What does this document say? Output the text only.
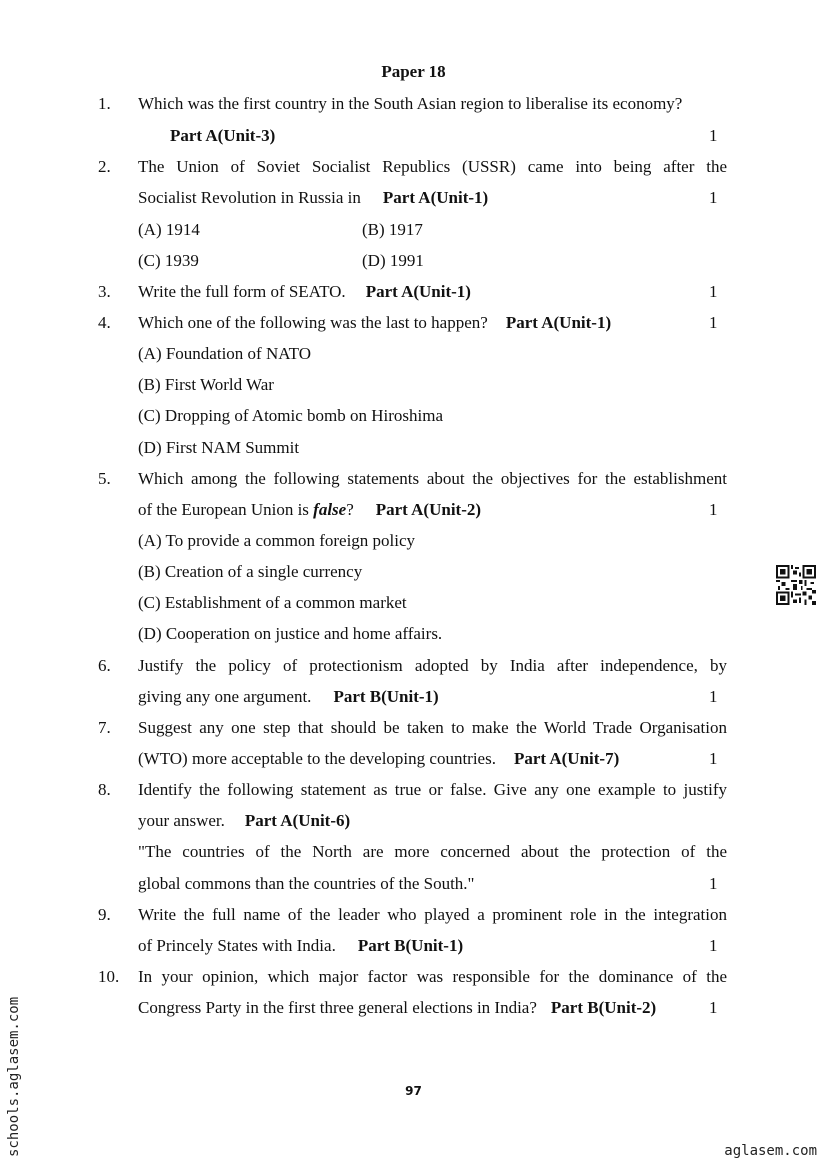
Paper 18
1. Which was the first country in the South Asian region to liberalise its economy?
Part A(Unit-3)	1
2. The Union of Soviet Socialist Republics (USSR) came into being after the
Socialist Revolution in Russia in Part A(Unit-1)	1
(A) 1914	(B) 1917
(C) 1939	(D) 1991
3. Write the full form of SEATO. Part A(Unit-1)	1
4. Which one of the following was the last to happen? Part A(Unit-1)	1
(A) Foundation of NATO
(B) First World War
(C) Dropping of Atomic bomb on Hiroshima
(D) First NAM Summit
5. Which among the following statements about the objectives for the establishment
of the European Union is false? Part A(Unit-2)	1
(A) To provide a common foreign policy
(B) Creation of a single currency
(C) Establishment of a common market
(D) Cooperation on justice and home affairs.
6. Justify the policy of protectionism adopted by India after independence, by
giving any one argument. Part B(Unit-1)	1
7. Suggest any one step that should be taken to make the World Trade Organisation
(WTO) more acceptable to the developing countries. Part A(Unit-7)	1
8. Identify the following statement as true or false. Give any one example to justify
your answer. Part A(Unit-6)
"The countries of the North are more concerned about the protection of the
global commons than the countries of the South."	1
9. Write the full name of the leader who played a prominent role in the integration
of Princely States with India. Part B(Unit-1)	1
10. In your opinion, which major factor was responsible for the dominance of the
Congress Party in the first three general elections in India? Part B(Unit-2)	1
97
schools.aglasem.com	aglasem.com
